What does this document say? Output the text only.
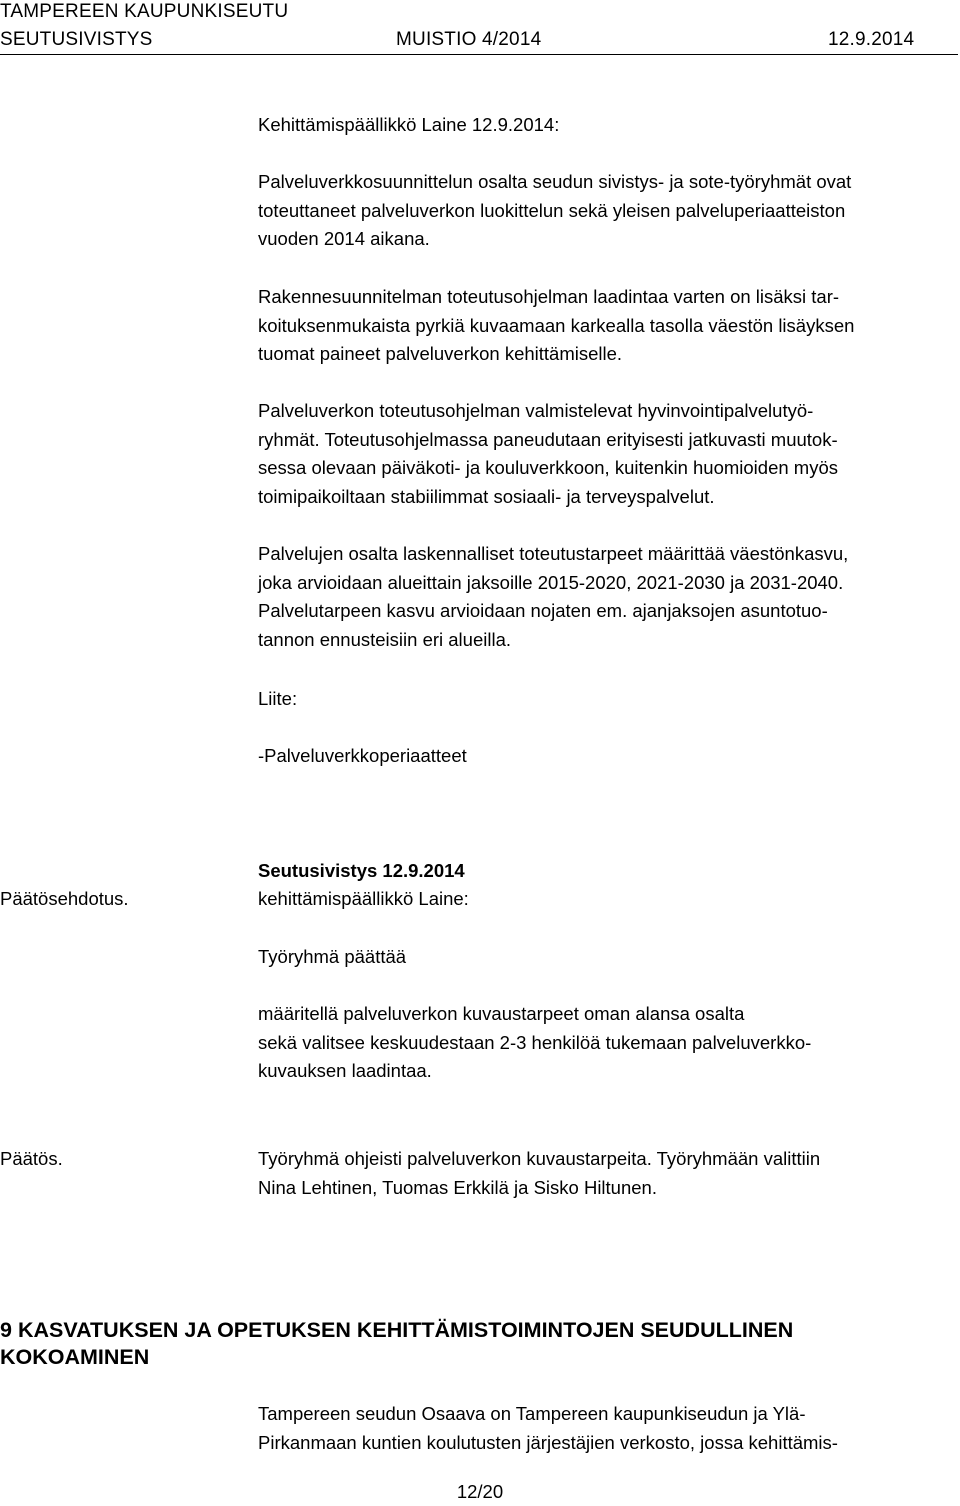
TAMPEREEN KAUPUNKISEUTU
SEUTUSIVISTYS	MUISTIO 4/2014	12.9.2014
Kehittämispäällikkö Laine 12.9.2014:
Palveluverkkosuunnittelun osalta seudun sivistys- ja sote-työryhmät ovat
toteuttaneet palveluverkon luokittelun sekä yleisen palveluperiaatteiston
vuoden 2014 aikana.
Rakennesuunnitelman toteutusohjelman laadintaa varten on lisäksi tar-
koituksenmukaista pyrkiä kuvaamaan karkealla tasolla väestön lisäyksen
tuomat paineet palveluverkon kehittämiselle.
Palveluverkon toteutusohjelman valmistelevat hyvinvointipalvelutyö-
ryhmät. Toteutusohjelmassa paneudutaan erityisesti jatkuvasti muutok-
sessa olevaan päiväkoti- ja kouluverkkoon, kuitenkin huomioiden myös
toimipaikoiltaan stabiilimmat sosiaali- ja terveyspalvelut.
Palvelujen osalta laskennalliset toteutustarpeet määrittää väestönkasvu,
joka arvioidaan alueittain jaksoille 2015-2020, 2021-2030 ja 2031-2040.
Palvelutarpeen kasvu arvioidaan nojaten em. ajanjaksojen asuntotuo-
tannon ennusteisiin eri alueilla.
Liite:
-Palveluverkkoperiaatteet
Seutusivistys 12.9.2014
Päätösehdotus.	kehittämispäällikkö Laine:
Työryhmä päättää
määritellä palveluverkon kuvaustarpeet oman alansa osalta
sekä valitsee keskuudestaan 2-3 henkilöä tukemaan palveluverkko-
kuvauksen laadintaa.
Päätös.	Työryhmä ohjeisti palveluverkon kuvaustarpeita. Työryhmään valittiin
Nina Lehtinen, Tuomas Erkkilä ja Sisko Hiltunen.
9 KASVATUKSEN JA OPETUKSEN KEHITTÄMISTOIMINTOJEN SEUDULLINEN
KOKOAMINEN
Tampereen seudun Osaava on Tampereen kaupunkiseudun ja Ylä-
Pirkanmaan kuntien koulutusten järjestäjien verkosto, jossa kehittämis-
12/20
